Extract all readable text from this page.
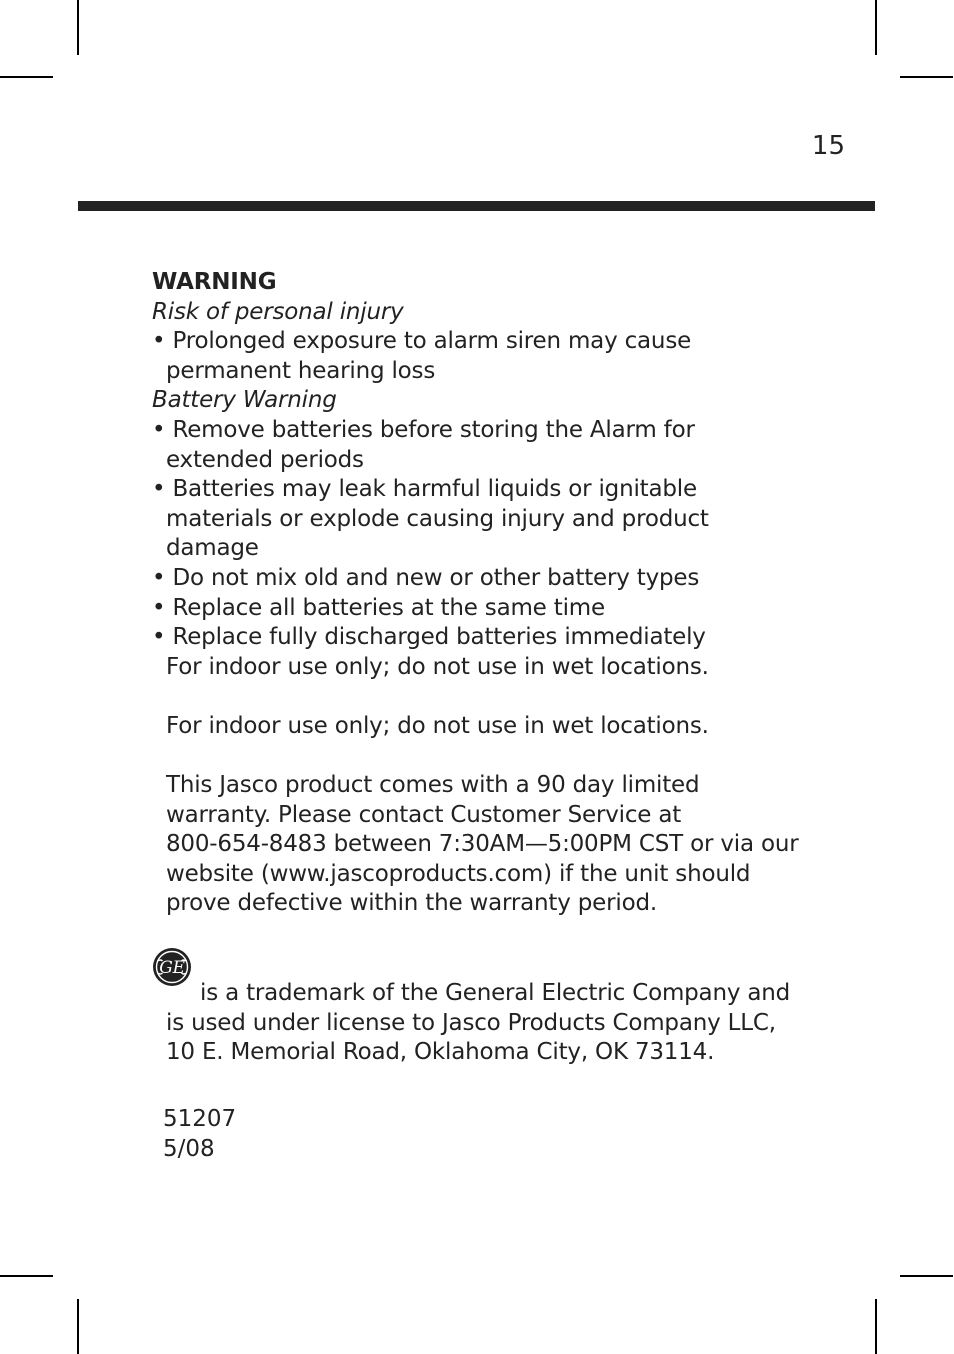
15
WARNING
Risk of personal injury
• Prolonged exposure to alarm siren may cause
permanent hearing loss
Battery Warning
• Remove batteries before storing the Alarm for
extended periods
• Batteries may leak harmful liquids or ignitable
materials or explode causing injury and product
damage
• Do not mix old and new or other battery types
• Replace all batteries at the same time
• Replace fully discharged batteries immediately
For indoor use only; do not use in wet locations.
For indoor use only; do not use in wet locations.
This Jasco product comes with a 90 day limited
warranty. Please contact Customer Service at
800-654-8483 between 7:30AM—5:00PM CST or via our
website (www.jascoproducts.com) if the unit should
prove defective within the warranty period.
GE
is a trademark of the General Electric Company and
is used under license to Jasco Products Company LLC,
10 E. Memorial Road, Oklahoma City, OK 73114.
51207
5/08
